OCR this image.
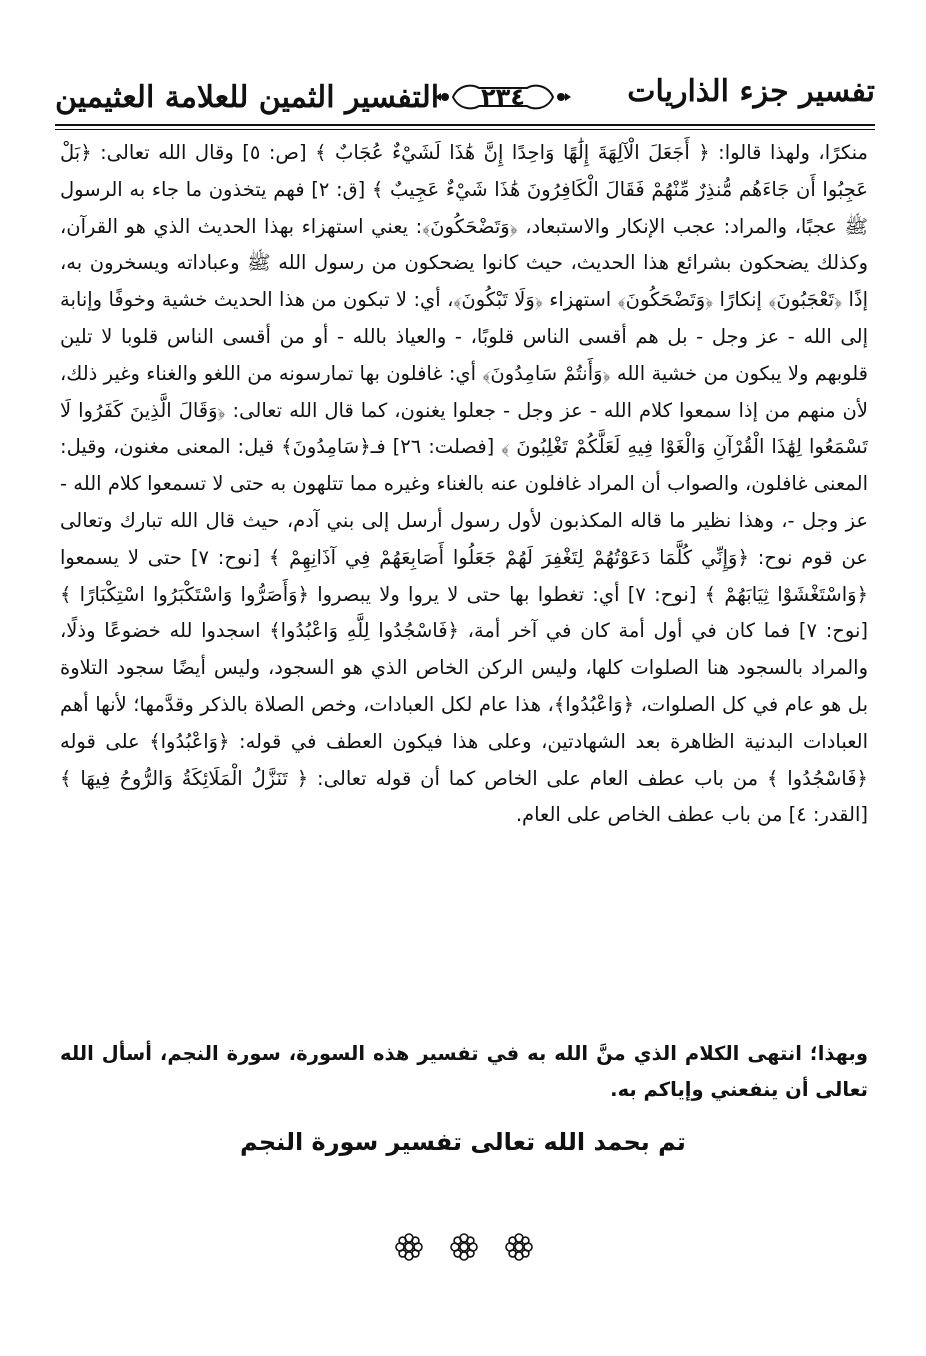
تفسير جزء الذاريات
٢٣٤
التفسير الثمين للعلامة العثيمين

منكرًا، ولهذا قالوا: ﴿ أَجَعَلَ الْآلِهَةَ إِلَٰهًا وَاحِدًا إِنَّ هَٰذَا لَشَيْءٌ عُجَابٌ ﴾ [ص: ٥] وقال الله تعالى: ﴿بَلْ عَجِبُوا أَن جَاءَهُم مُّنذِرٌ مِّنْهُمْ فَقَالَ الْكَافِرُونَ هَٰذَا شَيْءٌ عَجِيبٌ ﴾ [ق: ٢] فهم يتخذون ما جاء به الرسول ﷺ عجبًا، والمراد: عجب الإنكار والاستبعاد، ﴿وَتَضْحَكُونَ﴾: يعني استهزاء بهذا الحديث الذي هو القرآن، وكذلك يضحكون بشرائع هذا الحديث، حيث كانوا يضحكون من رسول الله ﷺ وعباداته ويسخرون به، إذًا ﴿تَعْجَبُونَ﴾ إنكارًا ﴿وَتَضْحَكُونَ﴾ استهزاء ﴿وَلَا تَبْكُونَ﴾، أي: لا تبكون من هذا الحديث خشية وخوفًا وإنابة إلى الله - عز وجل - بل هم أقسى الناس قلوبًا، - والعياذ بالله - أو من أقسى الناس قلوبا لا تلين قلوبهم ولا يبكون من خشية الله ﴿وَأَنتُمْ سَامِدُونَ﴾ أي: غافلون بها تمارسونه من اللغو والغناء وغير ذلك، لأن منهم من إذا سمعوا كلام الله - عز وجل - جعلوا يغنون، كما قال الله تعالى: ﴿وَقَالَ الَّذِينَ كَفَرُوا لَا تَسْمَعُوا لِهَٰذَا الْقُرْآنِ وَالْغَوْا فِيهِ لَعَلَّكُمْ تَغْلِبُونَ ﴾ [فصلت: ٢٦] فـ﴿سَامِدُونَ﴾ قيل: المعنى مغنون، وقيل: المعنى غافلون، والصواب أن المراد غافلون عنه بالغناء وغيره مما تتلهون به حتى لا تسمعوا كلام الله - عز وجل -، وهذا نظير ما قاله المكذبون لأول رسول أرسل إلى بني آدم، حيث قال الله تبارك وتعالى عن قوم نوح: ﴿وَإِنِّي كُلَّمَا دَعَوْتُهُمْ لِتَغْفِرَ لَهُمْ جَعَلُوا أَصَابِعَهُمْ فِي آذَانِهِمْ ﴾ [نوح: ٧] حتى لا يسمعوا ﴿وَاسْتَغْشَوْا ثِيَابَهُمْ ﴾ [نوح: ٧] أي: تغطوا بها حتى لا يروا ولا يبصروا ﴿وَأَصَرُّوا وَاسْتَكْبَرُوا اسْتِكْبَارًا ﴾ [نوح: ٧] فما كان في أول أمة كان في آخر أمة، ﴿فَاسْجُدُوا لِلَّهِ وَاعْبُدُوا﴾ اسجدوا لله خضوعًا وذلًا، والمراد بالسجود هنا الصلوات كلها، وليس الركن الخاص الذي هو السجود، وليس أيضًا سجود التلاوة بل هو عام في كل الصلوات، ﴿وَاعْبُدُوا﴾، هذا عام لكل العبادات، وخص الصلاة بالذكر وقدَّمها؛ لأنها أهم العبادات البدنية الظاهرة بعد الشهادتين، وعلى هذا فيكون العطف في قوله: ﴿وَاعْبُدُوا﴾ على قوله ﴿فَاسْجُدُوا ﴾ من باب عطف العام على الخاص كما أن قوله تعالى: ﴿ تَنَزَّلُ الْمَلَائِكَةُ وَالرُّوحُ فِيهَا ﴾ [القدر: ٤] من باب عطف الخاص على العام.

وبهذا؛ انتهى الكلام الذي منَّ الله به في تفسير هذه السورة، سورة النجم، أسأل الله تعالى أن ينفعني وإياكم به.

تم بحمد الله تعالى تفسير سورة النجم
